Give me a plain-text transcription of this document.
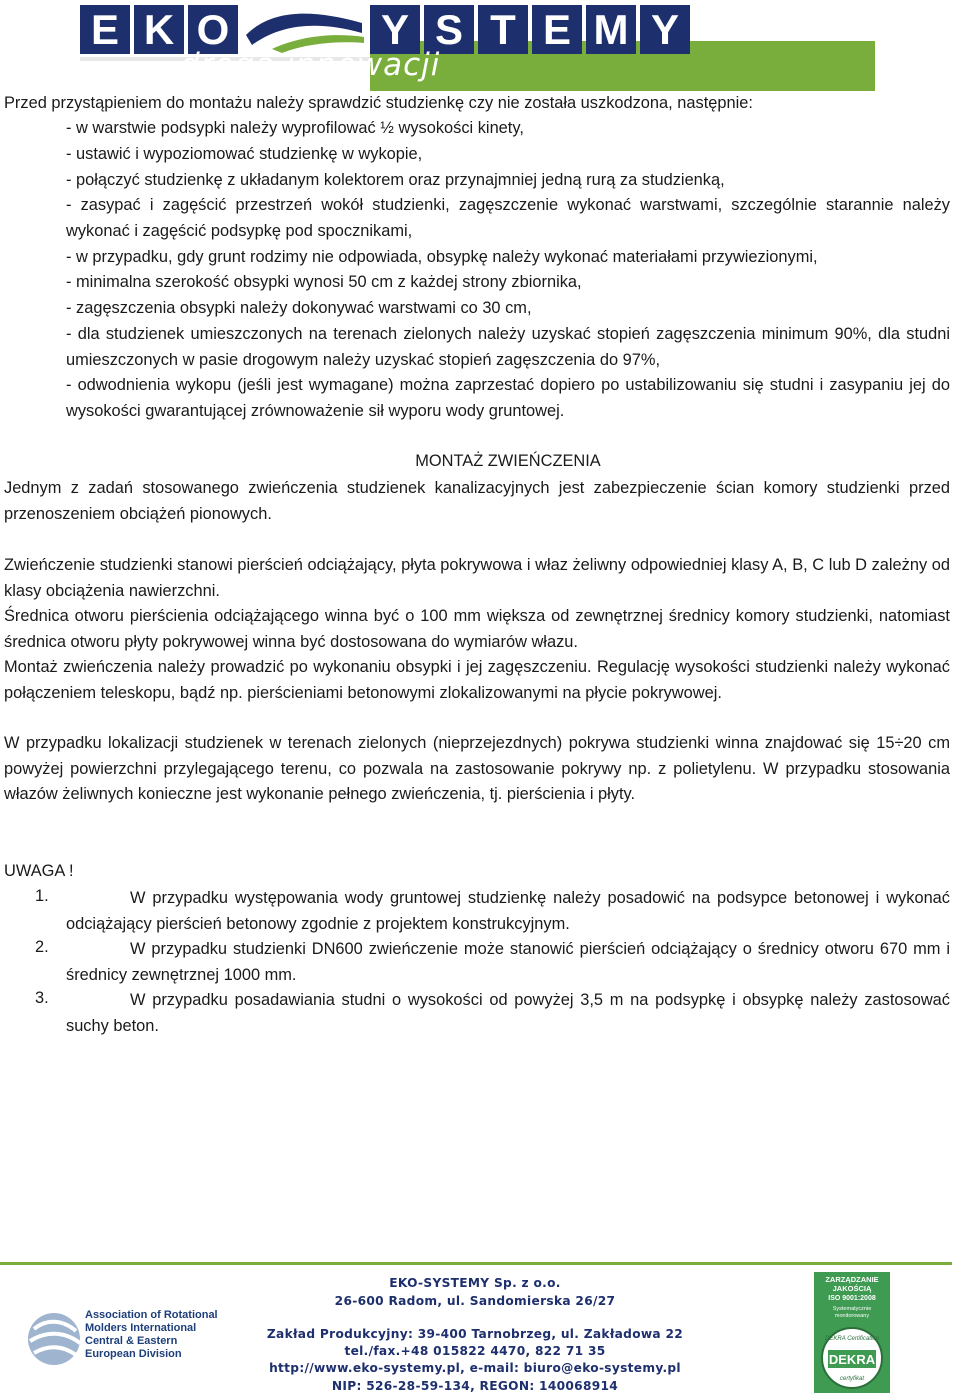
E K O	Y S T E M Y
drogą innowacji
Przed przystąpieniem do montażu należy sprawdzić studzienkę czy nie została uszkodzona, następnie:
- w warstwie podsypki należy wyprofilować ½ wysokości kinety,
- ustawić i wypoziomować studzienkę w wykopie,
- połączyć studzienkę z układanym kolektorem oraz przynajmniej jedną rurą za studzienką,
- zasypać i zagęścić przestrzeń wokół studzienki, zagęszczenie wykonać warstwami, szczególnie starannie należy wykonać i zagęścić podsypkę pod spocznikami,
- w przypadku, gdy grunt rodzimy nie odpowiada, obsypkę należy wykonać materiałami przywiezionymi,
- minimalna szerokość obsypki wynosi 50 cm z każdej strony zbiornika,
- zagęszczenia obsypki należy dokonywać warstwami co 30 cm,
- dla studzienek umieszczonych na terenach zielonych należy uzyskać stopień zagęszczenia minimum 90%, dla studni umieszczonych w pasie drogowym należy uzyskać stopień zagęszczenia do 97%,
- odwodnienia wykopu (jeśli jest wymagane) można zaprzestać dopiero po ustabilizowaniu się studni i zasypaniu jej do wysokości gwarantującej zrównoważenie sił wyporu wody gruntowej.
MONTAŻ ZWIEŃCZENIA
Jednym z zadań stosowanego zwieńczenia studzienek kanalizacyjnych jest zabezpieczenie ścian komory studzienki przed przenoszeniem obciążeń pionowych.
Zwieńczenie studzienki stanowi pierścień odciążający, płyta pokrywowa i właz żeliwny odpowiedniej klasy A, B, C lub D zależny od klasy obciążenia nawierzchni.
Średnica otworu pierścienia odciążającego winna być o 100 mm większa od zewnętrznej średnicy komory studzienki, natomiast średnica otworu płyty pokrywowej winna być dostosowana do wymiarów włazu.
Montaż zwieńczenia należy prowadzić po wykonaniu obsypki i jej zagęszczeniu. Regulację wysokości studzienki należy wykonać połączeniem teleskopu, bądź np. pierścieniami betonowymi zlokalizowanymi na płycie pokrywowej.
W przypadku lokalizacji studzienek w terenach zielonych (nieprzejezdnych) pokrywa studzienki winna znajdować się 15÷20 cm powyżej powierzchni przylegającego terenu, co pozwala na zastosowanie pokrywy np. z polietylenu. W przypadku stosowania włazów żeliwnych konieczne jest wykonanie pełnego zwieńczenia, tj. pierścienia i płyty.
UWAGA !
1.	W przypadku występowania wody gruntowej studzienkę należy posadowić na podsypce betonowej i wykonać odciążający pierścień betonowy zgodnie z projektem konstrukcyjnym.
2.	W przypadku studzienki DN600 zwieńczenie może stanowić pierścień odciążający o średnicy otworu 670 mm i średnicy zewnętrznej 1000 mm.
3.	W przypadku posadawiania studni o wysokości od powyżej 3,5 m na podsypkę i obsypkę należy zastosować suchy beton.
Association of Rotational
Molders International
Central & Eastern
European Division
EKO-SYSTEMY Sp. z o.o.
26-600 Radom, ul. Sandomierska 26/27
Zakład Produkcyjny: 39-400 Tarnobrzeg, ul. Zakładowa 22
tel./fax.+48 015822 4470, 822 71 35
http://www.eko-systemy.pl, e-mail: biuro@eko-systemy.pl
NIP: 526-28-59-134, REGON: 140068914
ZARZĄDZANIE
JAKOŚCIĄ
ISO 9001:2008
Systematycznie
monitorowany
DEKRA Certification
DEKRA
certyfikat
